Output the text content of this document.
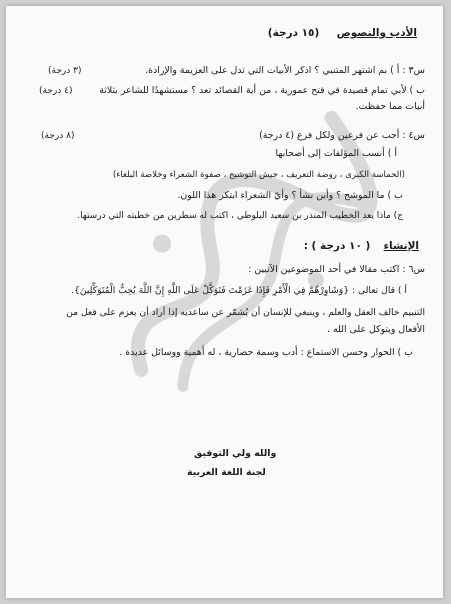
الأدب والنصوص  (١٥ درجة)
س٣ : أ ) بم اشتهر المتنبي ؟ اذكر الأبيات التي تدل على العزيمة والإرادة.
(٣ درجة)
ب ) لأبي تمام قصيدة في فتح عمورية ، من أية القصائد تعد ؟ مستشهدًا للشاعر بثلاثة
(٤ درجة)
أبيات مما حفظت.
س٤ : أجب عن فرعين ولكل فرع (٤ درجة)
(٨ درجة)
أ ) أنسب المؤلفات إلى أصحابها
(الحماسة الكبرى ، روضة التعريف ، جيش التوشيح ، صفوة الشعراء وخلاصة البلغاء)
ب ) ما الموشح ؟ وأين نشأ ؟ وأيّ الشعراء ابتكر هذا اللون.
ج) ماذا يعد الخطيب المنذر بن سعيد البلوطي ، اكتب له سطرين من خطبته التي درستها.
الإنشاء  ( ١٠ درجة ) :
س٦ : اكتب مقالا في أحد الموضوعين الآتيين :
أ ) قال تعالى : {وَشَاوِرْهُمْ فِي الْأَمْرِ فَإِذَا عَزَمْتَ فَتَوَكَّلْ عَلَى اللَّهِ إِنَّ اللَّهَ يُحِبُّ الْمُتَوَكِّلِينَ}.
التنبيم خالف العقل والعلم ، وينبغي للإنسان أن يُشمّر عن ساعديه إذا أراد أن يعزم على فعل من
الأفعال ويتوكل على الله .
ب ) الحوار وحسن الاستماع : أدب وسمة حضارية ، له أهمية ووسائل عديدة .
والله ولي التوفيق
لجنة اللغة العربية
